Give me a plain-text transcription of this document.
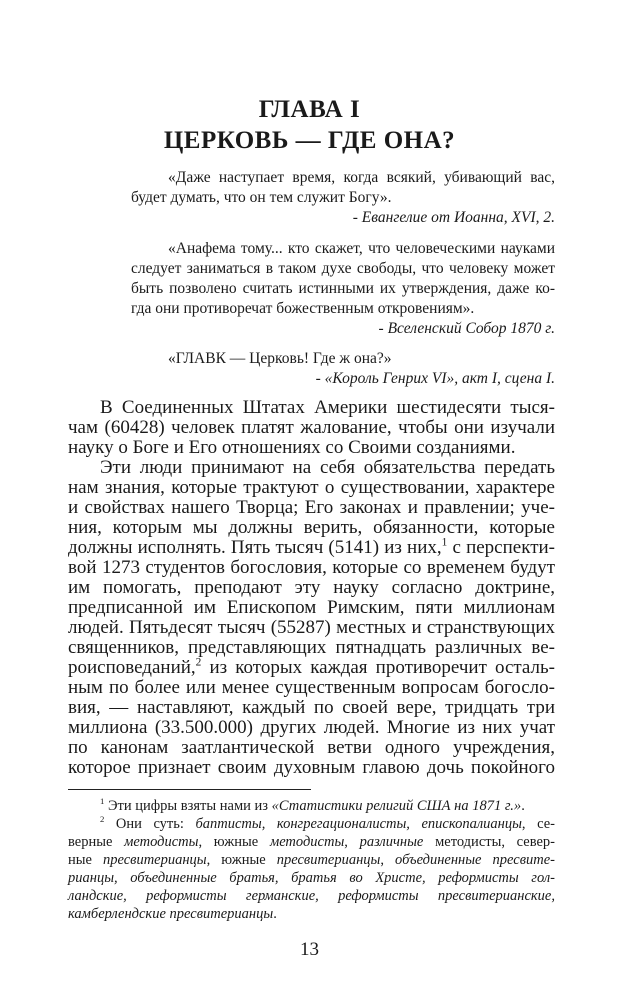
ГЛАВА I
ЦЕРКОВЬ — ГДЕ ОНА?
«Даже наступает время, когда всякий, убивающий вас,
будет думать, что он тем служит Богу».
- Евангелие от Иоанна, XVI, 2.
«Анафема тому... кто скажет, что человеческими науками
следует заниматься в таком духе свободы, что человеку может
быть позволено считать истинными их утверждения, даже ко-
гда они противоречат божественным откровениям».
- Вселенский Собор 1870 г.
«ГЛАВК — Церковь! Где ж она?»
- «Король Генрих VI», акт I, сцена I.
В Соединенных Штатах Америки шестидесяти тыся-
чам (60428) человек платят жалование, чтобы они изучали
науку о Боге и Его отношениях со Своими созданиями.
Эти люди принимают на себя обязательства передать
нам знания, которые трактуют о существовании, характере
и свойствах нашего Творца; Его законах и правлении; уче-
ния, которым мы должны верить, обязанности, которые
должны исполнять. Пять тысяч (5141) из них,$^1$ с перспекти-
вой 1273 студентов богословия, которые со временем будут
им помогать, преподают эту науку согласно доктрине,
предписанной им Епископом Римским, пяти миллионам
людей. Пятьдесят тысяч (55287) местных и странствующих
священников, представляющих пятнадцать различных ве-
роисповеданий,$^2$ из которых каждая противоречит осталь-
ным по более или менее существенным вопросам богосло-
вия, — наставляют, каждый по своей вере, тридцать три
миллиона (33.500.000) других людей. Многие из них учат
по канонам заатлантической ветви одного учреждения,
которое признает своим духовным главою дочь покойного
$^1$ Эти цифры взяты нами из «Статистики религий США на 1871 г.».
$^2$ Они суть: баптисты, конгрегационалисты, епископалианцы, се-
верные методисты, южные методисты, различные методисты, север-
ные пресвитерианцы, южные пресвитерианцы, объединенные пресвите-
рианцы, объединенные братья, братья во Христе, реформисты гол-
ландские, реформисты германские, реформисты пресвитерианские,
камберлендские пресвитерианцы.
13
